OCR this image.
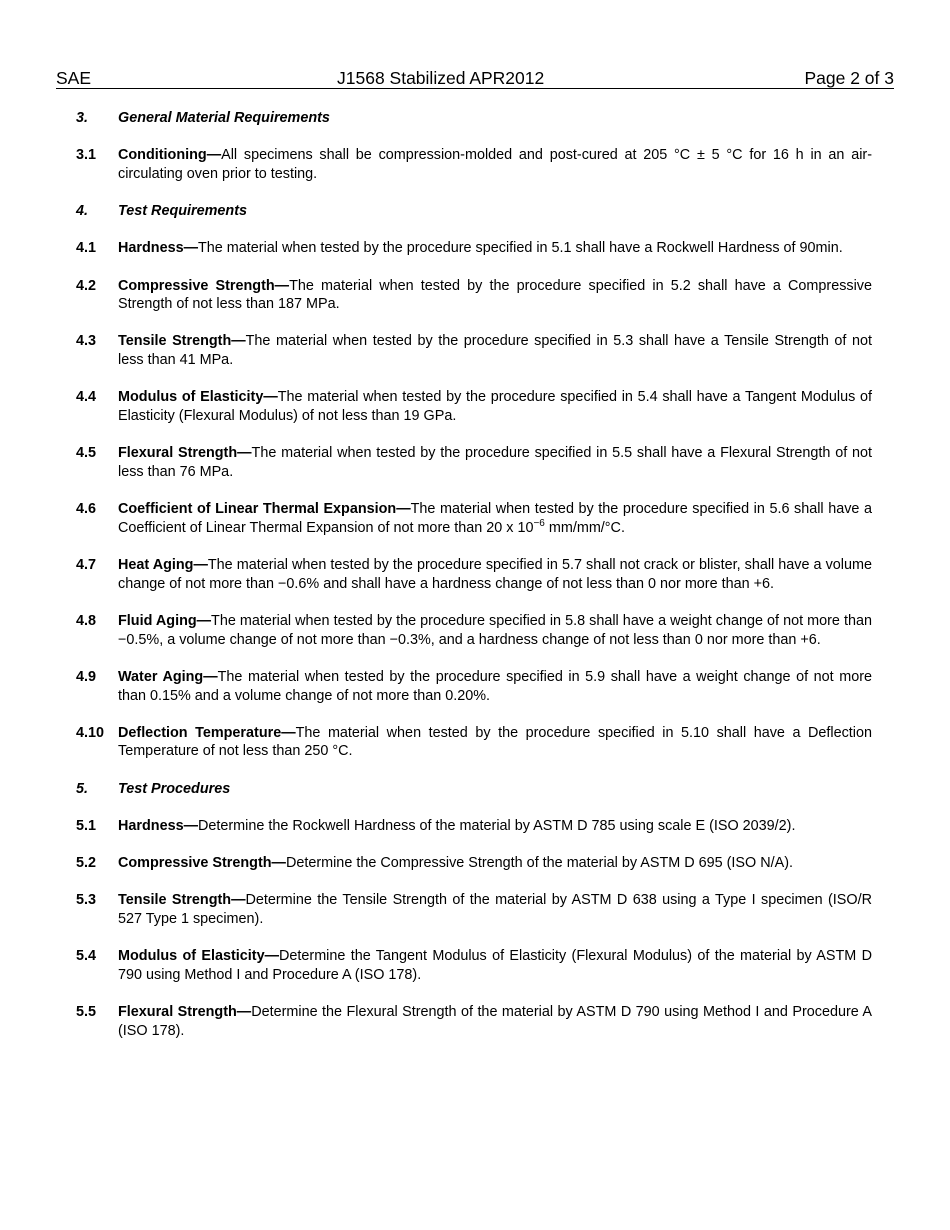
SAE	J1568 Stabilized APR2012	Page 2 of 3
3. General Material Requirements
3.1 Conditioning—All specimens shall be compression-molded and post-cured at 205 °C ± 5 °C for 16 h in an air-circulating oven prior to testing.
4. Test Requirements
4.1 Hardness—The material when tested by the procedure specified in 5.1 shall have a Rockwell Hardness of 90min.
4.2 Compressive Strength—The material when tested by the procedure specified in 5.2 shall have a Compressive Strength of not less than 187 MPa.
4.3 Tensile Strength—The material when tested by the procedure specified in 5.3 shall have a Tensile Strength of not less than 41 MPa.
4.4 Modulus of Elasticity—The material when tested by the procedure specified in 5.4 shall have a Tangent Modulus of Elasticity (Flexural Modulus) of not less than 19 GPa.
4.5 Flexural Strength—The material when tested by the procedure specified in 5.5 shall have a Flexural Strength of not less than 76 MPa.
4.6 Coefficient of Linear Thermal Expansion—The material when tested by the procedure specified in 5.6 shall have a Coefficient of Linear Thermal Expansion of not more than 20 x $10^{-6}$ mm/mm/°C.
4.7 Heat Aging—The material when tested by the procedure specified in 5.7 shall not crack or blister, shall have a volume change of not more than −0.6% and shall have a hardness change of not less than 0 nor more than +6.
4.8 Fluid Aging—The material when tested by the procedure specified in 5.8 shall have a weight change of not more than −0.5%, a volume change of not more than −0.3%, and a hardness change of not less than 0 nor more than +6.
4.9 Water Aging—The material when tested by the procedure specified in 5.9 shall have a weight change of not more than 0.15% and a volume change of not more than 0.20%.
4.10 Deflection Temperature—The material when tested by the procedure specified in 5.10 shall have a Deflection Temperature of not less than 250 °C.
5. Test Procedures
5.1 Hardness—Determine the Rockwell Hardness of the material by ASTM D 785 using scale E (ISO 2039/2).
5.2 Compressive Strength—Determine the Compressive Strength of the material by ASTM D 695 (ISO N/A).
5.3 Tensile Strength—Determine the Tensile Strength of the material by ASTM D 638 using a Type I specimen (ISO/R 527 Type 1 specimen).
5.4 Modulus of Elasticity—Determine the Tangent Modulus of Elasticity (Flexural Modulus) of the material by ASTM D 790 using Method I and Procedure A (ISO 178).
5.5 Flexural Strength—Determine the Flexural Strength of the material by ASTM D 790 using Method I and Procedure A (ISO 178).
